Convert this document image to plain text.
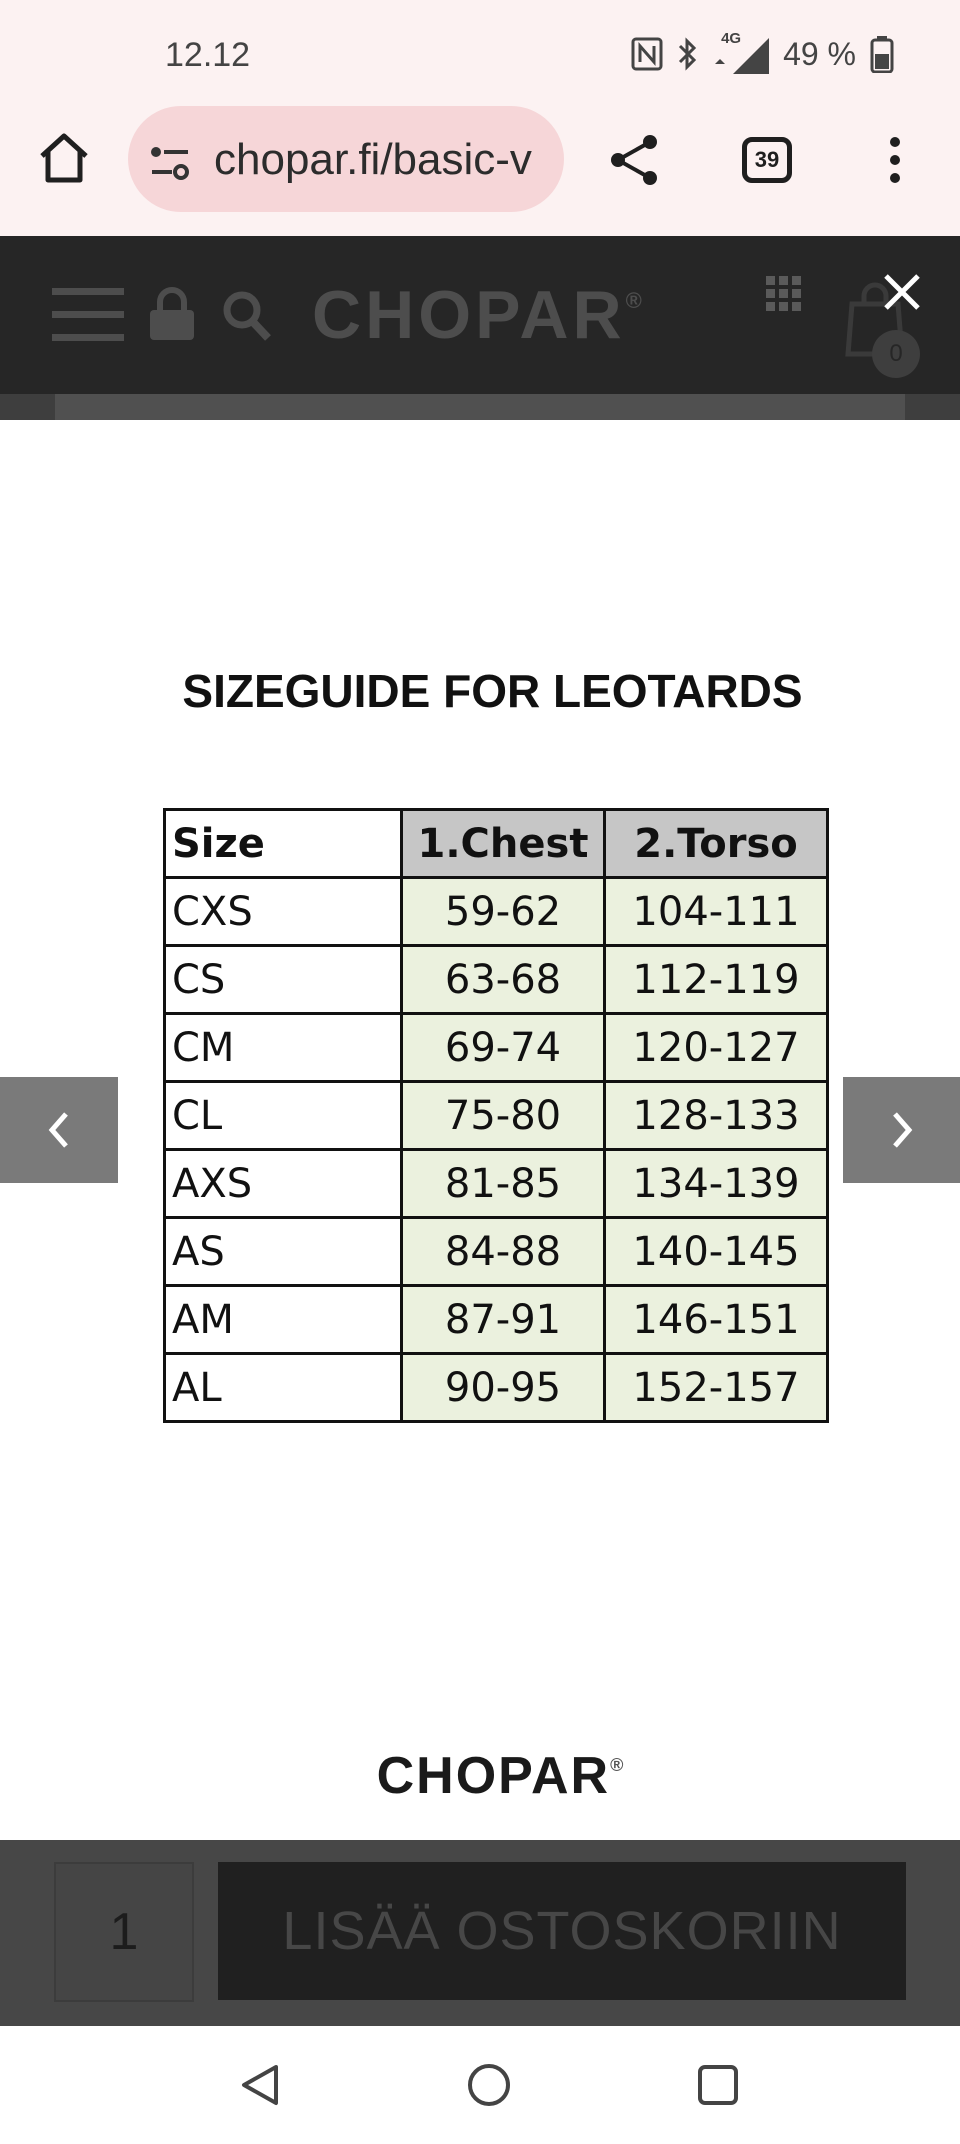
12.12	4G 49 %
chopar.fi/basic-v	39
CHOPAR®
0
SIZEGUIDE FOR LEOTARDS
Size	1.Chest	2.Torso
CXS	59-62	104-111
CS	63-68	112-119
CM	69-74	120-127
CL	75-80	128-133
AXS	81-85	134-139
AS	84-88	140-145
AM	87-91	146-151
AL	90-95	152-157
CHOPAR®
1	LISÄÄ OSTOSKORIIN
